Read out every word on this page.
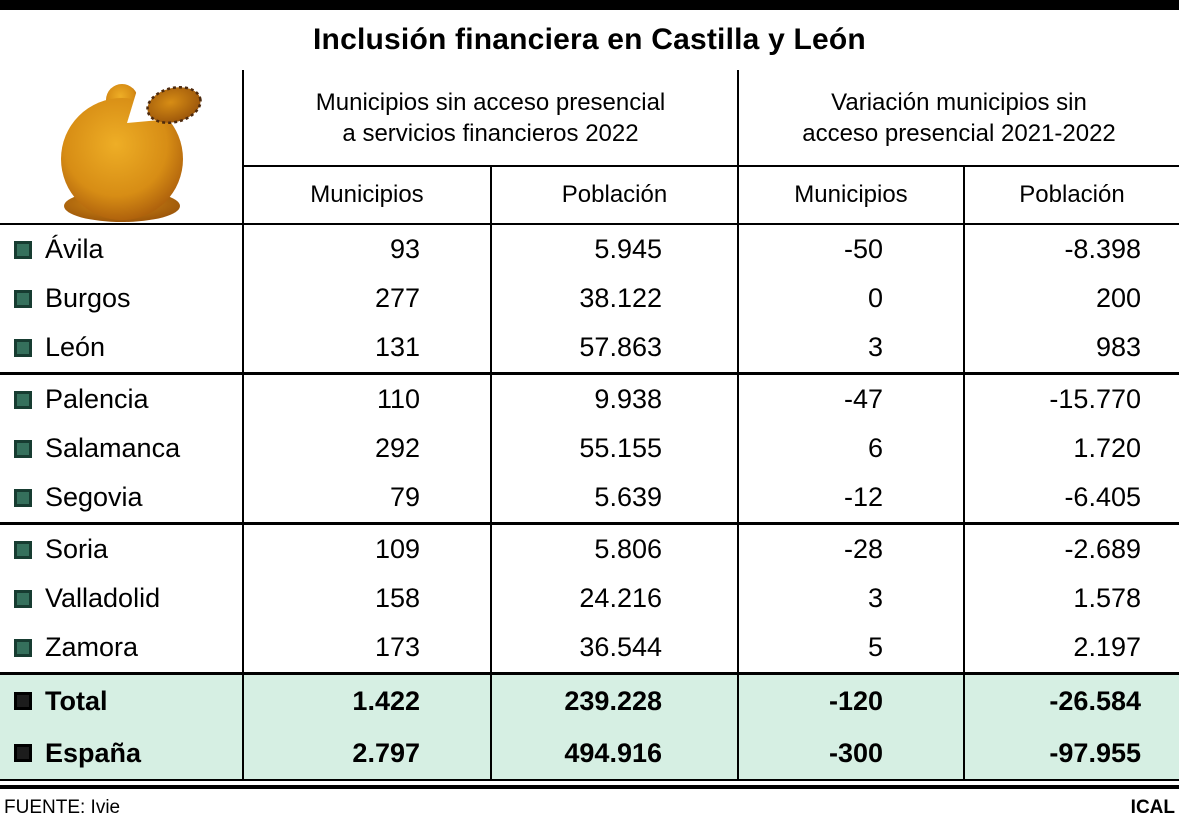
Inclusión financiera en Castilla y León
Municipios sin acceso presencial
a servicios financieros 2022
Variación municipios sin
acceso presencial 2021-2022
Municipios	Población	Municipios	Población
Ávila	93	5.945	-50	-8.398
Burgos	277	38.122	0	200
León	131	57.863	3	983
Palencia	110	9.938	-47	-15.770
Salamanca	292	55.155	6	1.720
Segovia	79	5.639	-12	-6.405
Soria	109	5.806	-28	-2.689
Valladolid	158	24.216	3	1.578
Zamora	173	36.544	5	2.197
Total	1.422	239.228	-120	-26.584
España	2.797	494.916	-300	-97.955
FUENTE: Ivie	ICAL
